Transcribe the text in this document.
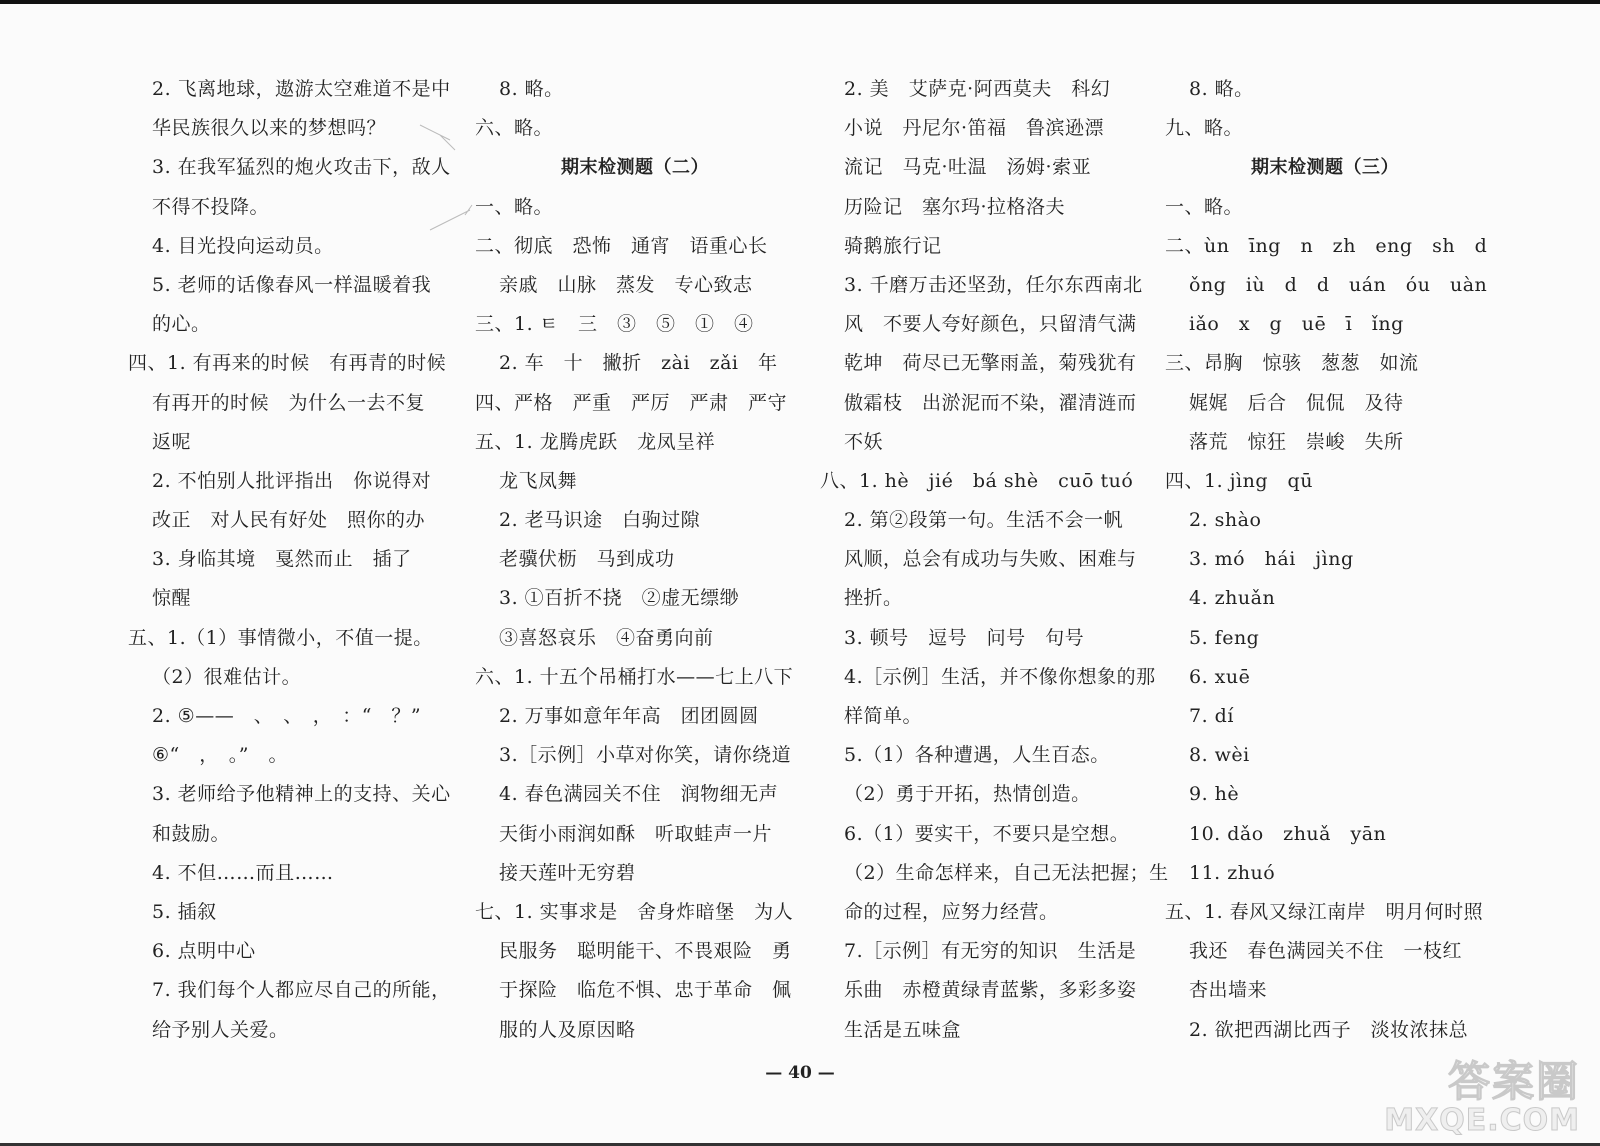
2. 飞离地球，遨游太空难道不是中
华民族很久以来的梦想吗？
3. 在我军猛烈的炮火攻击下，敌人
不得不投降。
4. 目光投向运动员。
5. 老师的话像春风一样温暖着我
的心。
四、1. 有再来的时候　有再青的时候
有再开的时候　为什么一去不复
返呢
2. 不怕别人批评指出　你说得对
改正　对人民有好处　照你的办
3. 身临其境　戛然而止　插了
惊醒
五、1.（1）事情微小，不值一提。
（2）很难估计。
2. ⑤——　、　、　，　：“　？”
⑥“　，　。”　。
3. 老师给予他精神上的支持、关心
和鼓励。
4. 不但……而且……
5. 插叙
6. 点明中心
7. 我们每个人都应尽自己的所能，
给予别人关爱。
8. 略。
六、略。
期末检测题（二）
一、略。
二、彻底　恐怖　通宵　语重心长
亲戚　山脉　蒸发　专心致志
三、1. ㅌ　三　③　⑤　①　④
2. 车　十　撇折　zài　zǎi　年
四、严格　严重　严厉　严肃　严守
五、1. 龙腾虎跃　龙凤呈祥
龙飞凤舞
2. 老马识途　白驹过隙
老骥伏枥　马到成功
3. ①百折不挠　②虚无缥缈
③喜怒哀乐　④奋勇向前
六、1. 十五个吊桶打水——七上八下
2. 万事如意年年高　团团圆圆
3.［示例］小草对你笑，请你绕道
4. 春色满园关不住　润物细无声
天街小雨润如酥　听取蛙声一片
接天莲叶无穷碧
七、1. 实事求是　舍身炸暗堡　为人
民服务　聪明能干、不畏艰险　勇
于探险　临危不惧、忠于革命　佩
服的人及原因略
2. 美　艾萨克·阿西莫夫　科幻
小说　丹尼尔·笛福　鲁滨逊漂
流记　马克·吐温　汤姆·索亚
历险记　塞尔玛·拉格洛夫
骑鹅旅行记
3. 千磨万击还坚劲，任尔东西南北
风　不要人夸好颜色，只留清气满
乾坤　荷尽已无擎雨盖，菊残犹有
傲霜枝　出淤泥而不染，濯清涟而
不妖
八、1. hè　jié　bá shè　cuō tuó
2. 第②段第一句。生活不会一帆
风顺，总会有成功与失败、困难与
挫折。
3. 顿号　逗号　问号　句号
4.［示例］生活，并不像你想象的那
样简单。
5.（1）各种遭遇，人生百态。
（2）勇于开拓，热情创造。
6.（1）要实干，不要只是空想。
（2）生命怎样来，自己无法把握；生
命的过程，应努力经营。
7.［示例］有无穷的知识　生活是
乐曲　赤橙黄绿青蓝紫，多彩多姿
生活是五味盒
8. 略。
九、略。
期末检测题（三）
一、略。
二、ùn　īng　n　zh　eng　sh　d
ǒng　iù　d　d　uán　óu　uàn
iǎo　x　g　uē　ī　ǐng
三、昂胸　惊骇　葱葱　如流
娓娓　后合　侃侃　及待
落荒　惊狂　崇峻　失所
四、1. jìng　qū
2. shào
3. mó　hái　jìng
4. zhuǎn
5. feng
6. xuē
7. dí
8. wèi
9. hè
10. dǎo　zhuǎ　yān
11. zhuó
五、1. 春风又绿江南岸　明月何时照
我还　春色满园关不住　一枝红
杏出墙来
2. 欲把西湖比西子　淡妆浓抹总
— 40 —	答案圈
MXQE.COM
